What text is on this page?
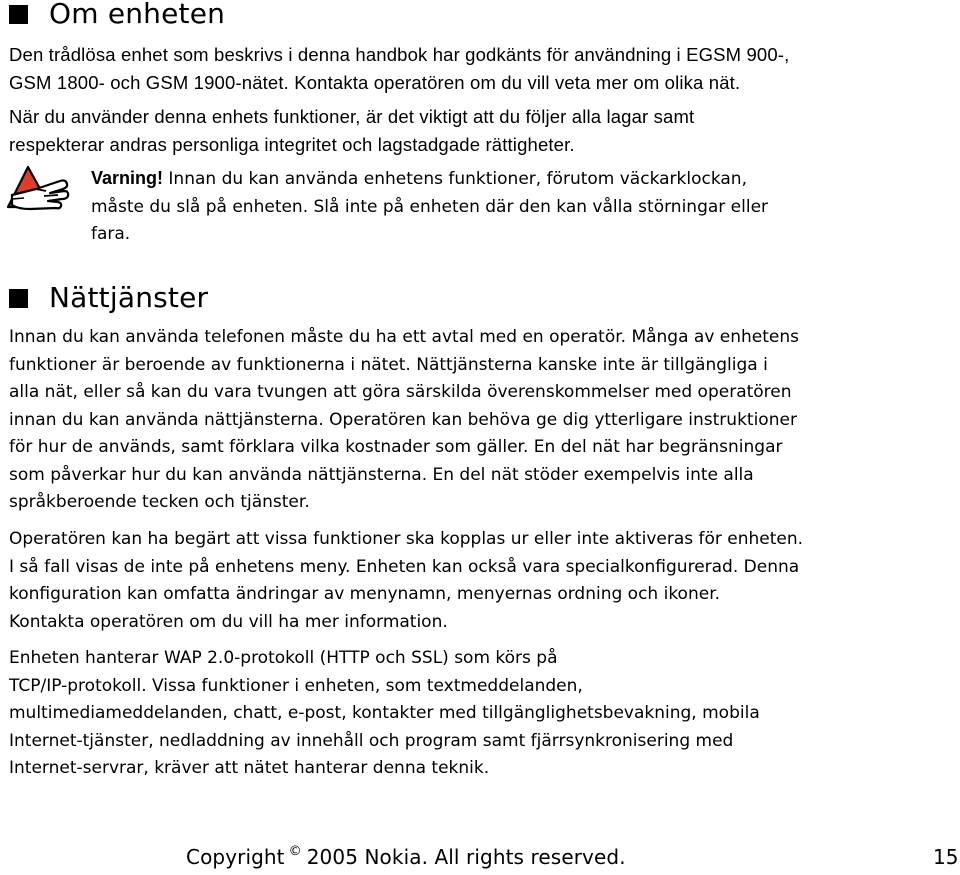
Om enheten

Den trådlösa enhet som beskrivs i denna handbok har godkänts för användning i EGSM 900-,
GSM 1800- och GSM 1900-nätet. Kontakta operatören om du vill veta mer om olika nät.

När du använder denna enhets funktioner, är det viktigt att du följer alla lagar samt
respekterar andras personliga integritet och lagstadgade rättigheter.

Varning! Innan du kan använda enhetens funktioner, förutom väckarklockan,
måste du slå på enheten. Slå inte på enheten där den kan vålla störningar eller
fara.
Nättjänster

Innan du kan använda telefonen måste du ha ett avtal med en operatör. Många av enhetens
funktioner är beroende av funktionerna i nätet. Nättjänsterna kanske inte är tillgängliga i
alla nät, eller så kan du vara tvungen att göra särskilda överenskommelser med operatören
innan du kan använda nättjänsterna. Operatören kan behöva ge dig ytterligare instruktioner
för hur de används, samt förklara vilka kostnader som gäller. En del nät har begränsningar
som påverkar hur du kan använda nättjänsterna. En del nät stöder exempelvis inte alla
språkberoende tecken och tjänster.

Operatören kan ha begärt att vissa funktioner ska kopplas ur eller inte aktiveras för enheten.
I så fall visas de inte på enhetens meny. Enheten kan också vara specialkonfigurerad. Denna
konfiguration kan omfatta ändringar av menynamn, menyernas ordning och ikoner.
Kontakta operatören om du vill ha mer information.

Enheten hanterar WAP 2.0-protokoll (HTTP och SSL) som körs på
TCP/IP-protokoll. Vissa funktioner i enheten, som textmeddelanden,
multimediameddelanden, chatt, e-post, kontakter med tillgänglighetsbevakning, mobila
Internet-tjänster, nedladdning av innehåll och program samt fjärrsynkronisering med
Internet-servrar, kräver att nätet hanterar denna teknik.

Copyright © 2005 Nokia. All rights reserved.	15
